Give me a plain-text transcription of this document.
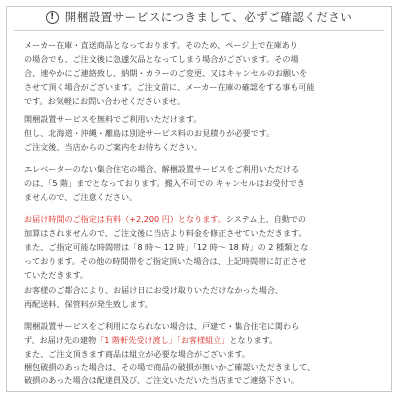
! 開梱設置サービスにつきまして、必ずご確認ください
メーカー在庫・直送商品となっております。そのため、ページ上で在庫あり
の場合でも、ご注文後に急遽欠品となってしまう場合がございます。その場
合、速やかにご連絡致し、納期・カラーのご変更、又はキャンセルのお願いを
させて頂く場合がございます。ご注文前に、メーカー在庫の確認をする事も可能
です。お気軽にお問い合わせくださいませ。
開梱設置サービスを無料でご利用いただけます。
但し、北海道・沖縄・離島は別途サービス料のお見積りが必要です。
ご注文後、当店からのご案内をお待ちください。
エレベーターのない集合住宅の場合、解梱設置サービスをご利用いただける
のは、「5 階」までとなっております。搬入不可での キャンセルはお受付でき
ませんので、ご注意ください。
お届け時間のご指定は有料（+2,200 円）となります。システム上、自動での
加算はされませんので、ご注文後に当店より料金を修正させていただきます。
また、ご指定可能な時間帯は「8 時～ 12 時」「12 時～ 18 時」の 2 種類とな
っております。その他の時間帯をご指定頂いた場合は、上記時間帯に訂正させ
ていただきます。
お客様のご都合により、お届け日にお受け取りいただけなかった場合、
再配送料、保管料が発生致します。
開梱設置サービスをご利用になられない場合は、戸建て・集合住宅に関わら
ず、お届け先の建物「1 階軒先受け渡し」「お客様組立」となります。
また、ご注文頂きます商品は組立が必要な場合がございます。
梱包破損のあった場合は、その場で商品の破損が無いかご確認いただきまして、
破損のあった場合は配達員及び、ご注文いただいた当店までご連絡下さい。
